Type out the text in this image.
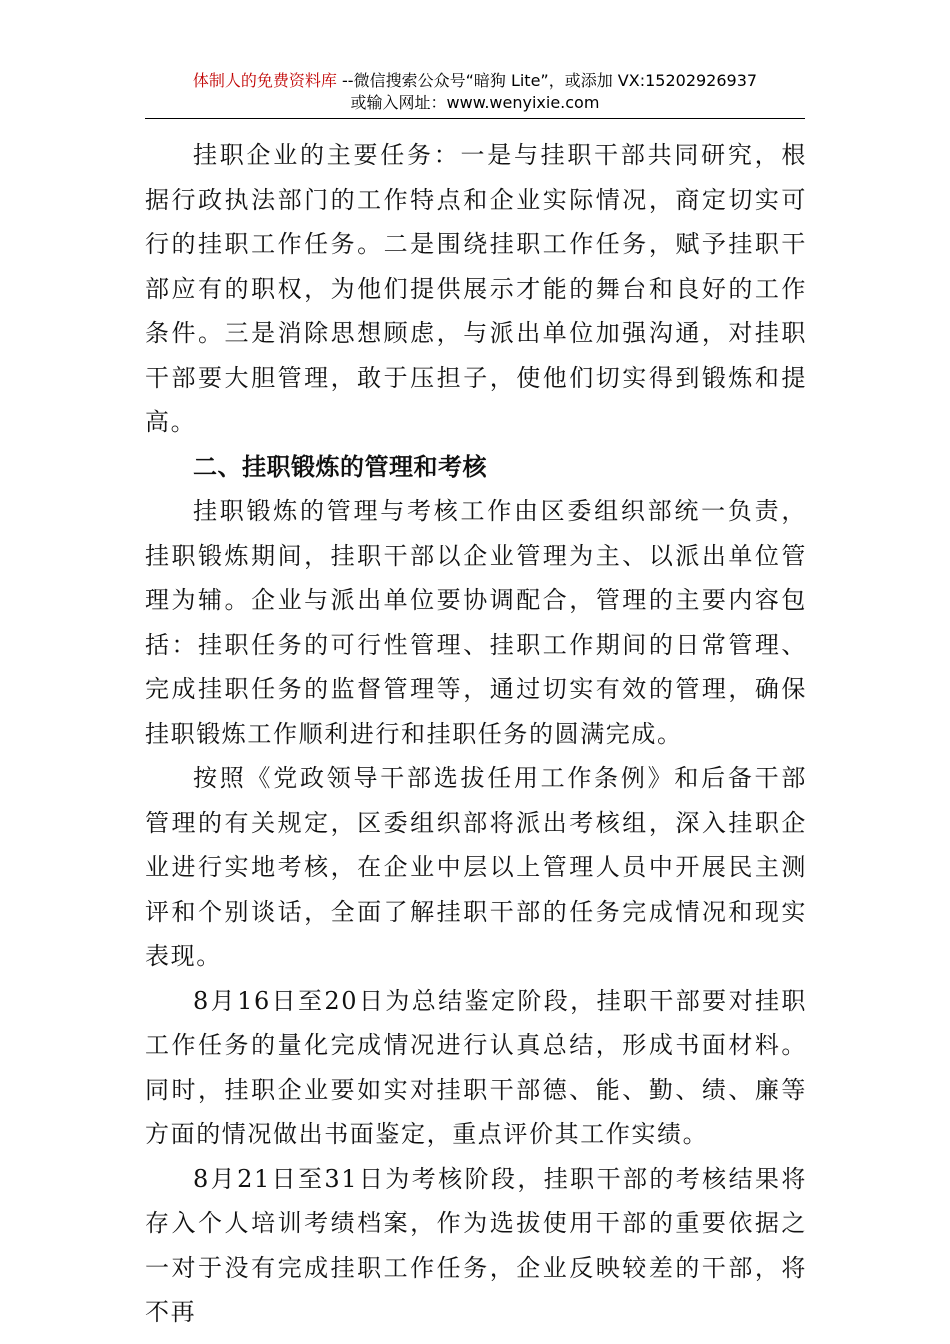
体制人的免费资料库 --微信搜索公众号“暗狗 Lite”，或添加 VX:15202926937
或输入网址：www.wenyixie.com

挂职企业的主要任务：一是与挂职干部共同研究，根据行政执法部门的工作特点和企业实际情况，商定切实可行的挂职工作任务。二是围绕挂职工作任务，赋予挂职干部应有的职权，为他们提供展示才能的舞台和良好的工作条件。三是消除思想顾虑，与派出单位加强沟通，对挂职干部要大胆管理，敢于压担子，使他们切实得到锻炼和提高。

二、挂职锻炼的管理和考核

挂职锻炼的管理与考核工作由区委组织部统一负责，挂职锻炼期间，挂职干部以企业管理为主、以派出单位管理为辅。企业与派出单位要协调配合，管理的主要内容包括：挂职任务的可行性管理、挂职工作期间的日常管理、完成挂职任务的监督管理等，通过切实有效的管理，确保挂职锻炼工作顺利进行和挂职任务的圆满完成。

按照《党政领导干部选拔任用工作条例》和后备干部管理的有关规定，区委组织部将派出考核组，深入挂职企业进行实地考核，在企业中层以上管理人员中开展民主测评和个别谈话，全面了解挂职干部的任务完成情况和现实表现。

8月16日至20日为总结鉴定阶段，挂职干部要对挂职工作任务的量化完成情况进行认真总结，形成书面材料。同时，挂职企业要如实对挂职干部德、能、勤、绩、廉等方面的情况做出书面鉴定，重点评价其工作实绩。

8月21日至31日为考核阶段，挂职干部的考核结果将存入个人培训考绩档案，作为选拔使用干部的重要依据之一对于没有完成挂职工作任务，企业反映较差的干部，将不再
